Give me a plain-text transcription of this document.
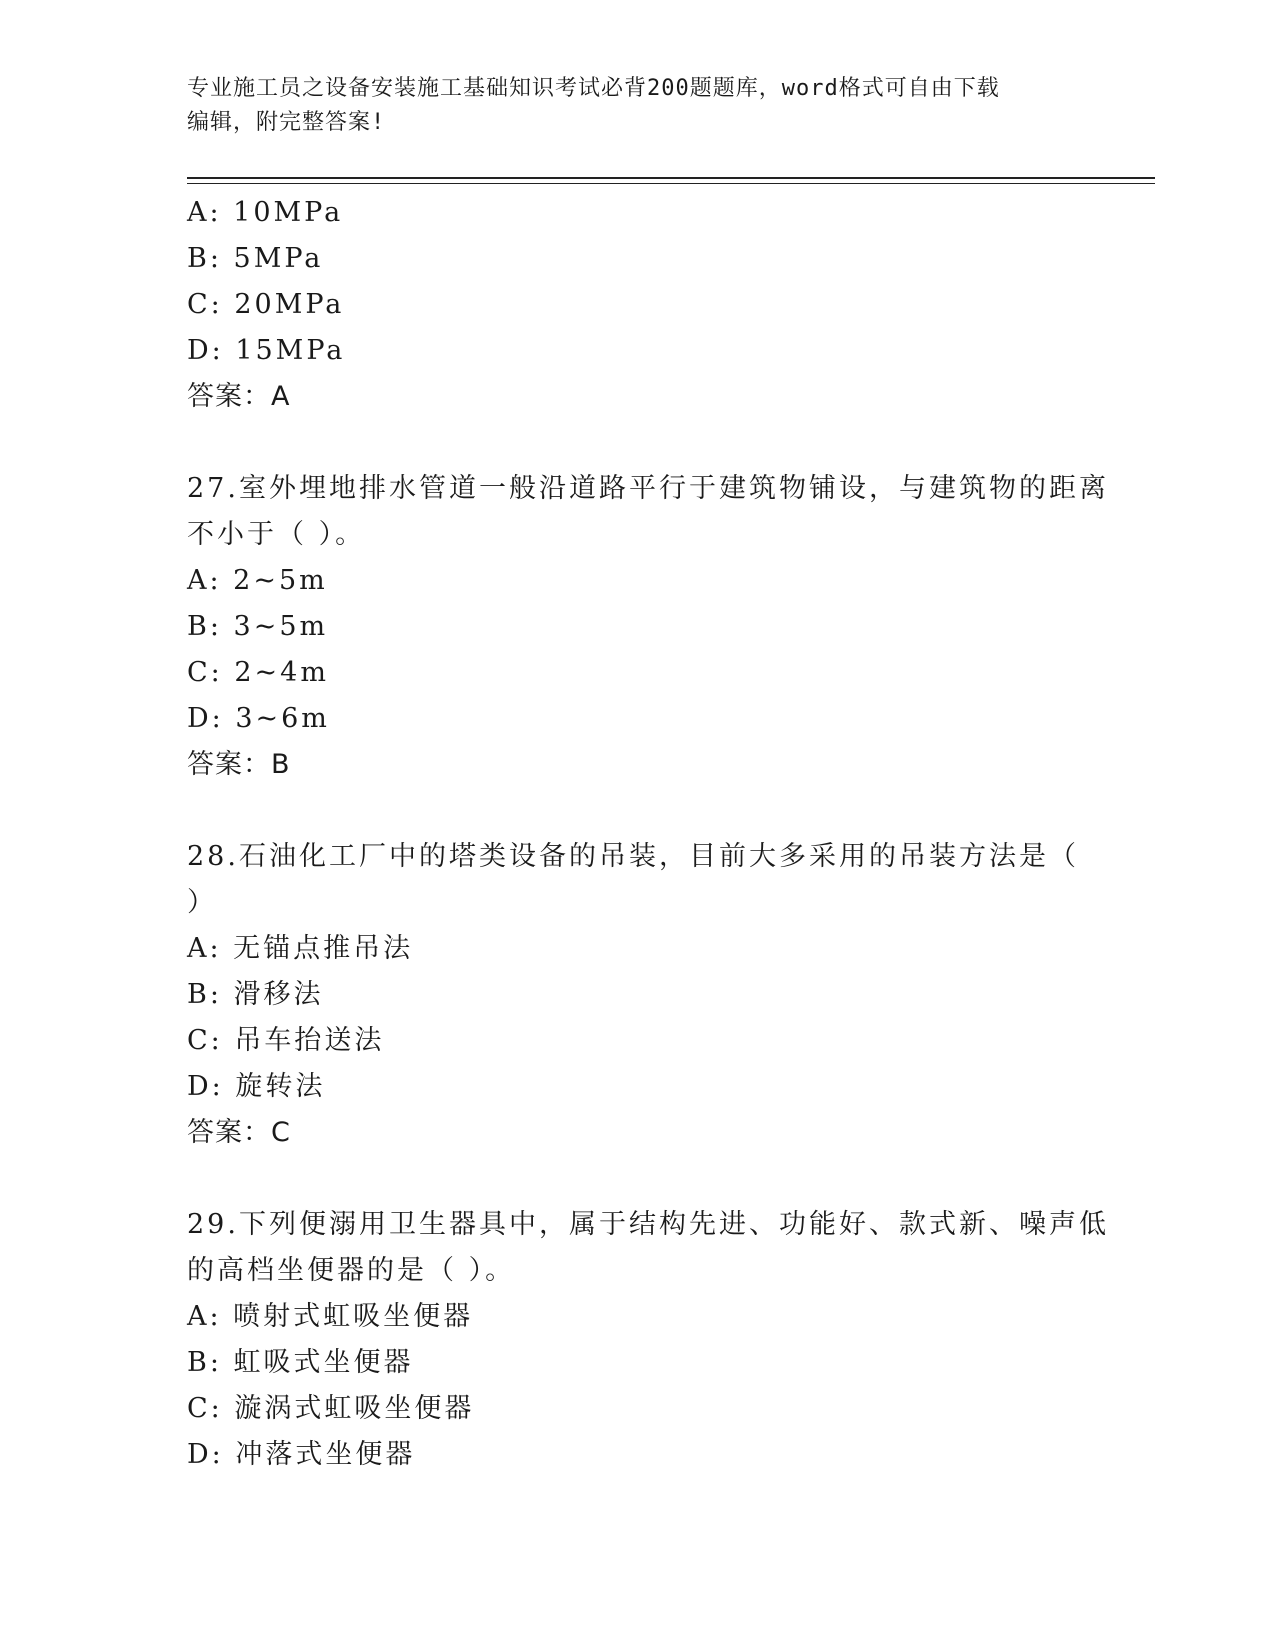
专业施工员之设备安装施工基础知识考试必背200题题库，word格式可自由下载
编辑，附完整答案!
A: 10MPa
B: 5MPa
C: 20MPa
D: 15MPa
答案：A
27.室外埋地排水管道一般沿道路平行于建筑物铺设，与建筑物的距离
不小于（ ）。
A: 2~5m
B: 3~5m
C: 2~4m
D: 3~6m
答案：B
28.石油化工厂中的塔类设备的吊装，目前大多采用的吊装方法是（
）
A: 无锚点推吊法
B: 滑移法
C: 吊车抬送法
D: 旋转法
答案：C
29.下列便溺用卫生器具中，属于结构先进、功能好、款式新、噪声低
的高档坐便器的是（ ）。
A: 喷射式虹吸坐便器
B: 虹吸式坐便器
C: 漩涡式虹吸坐便器
D: 冲落式坐便器
